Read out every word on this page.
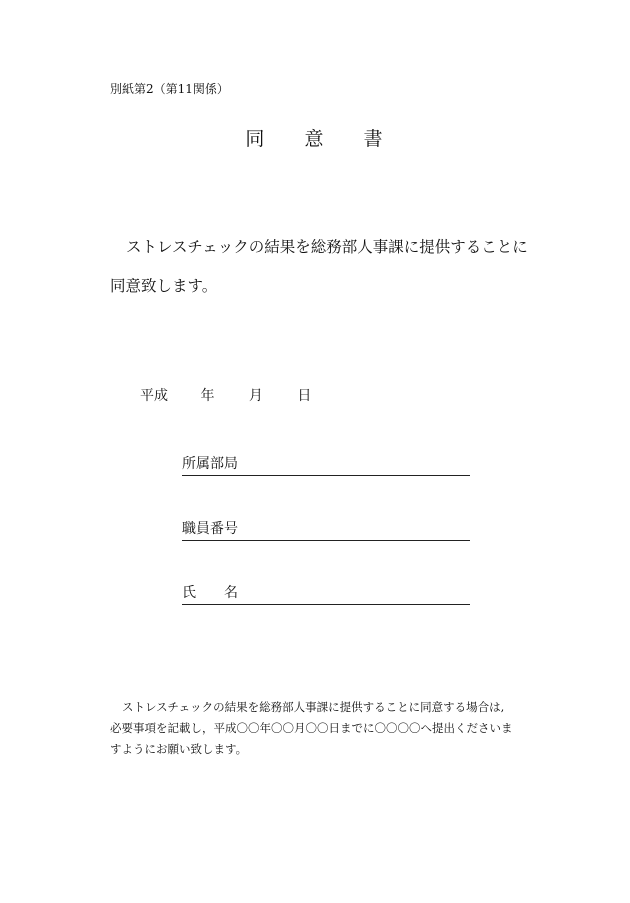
別紙第2（第11関係）
同 意 書
ストレスチェックの結果を総務部人事課に提供することに
同意致します。
平成 年 月 日
所属部局
職員番号
氏 名
ストレスチェックの結果を総務部人事課に提供することに同意する場合は,
必要事項を記載し，平成〇〇年〇〇月〇〇日までに〇〇〇〇へ提出くださいま
すようにお願い致します。
